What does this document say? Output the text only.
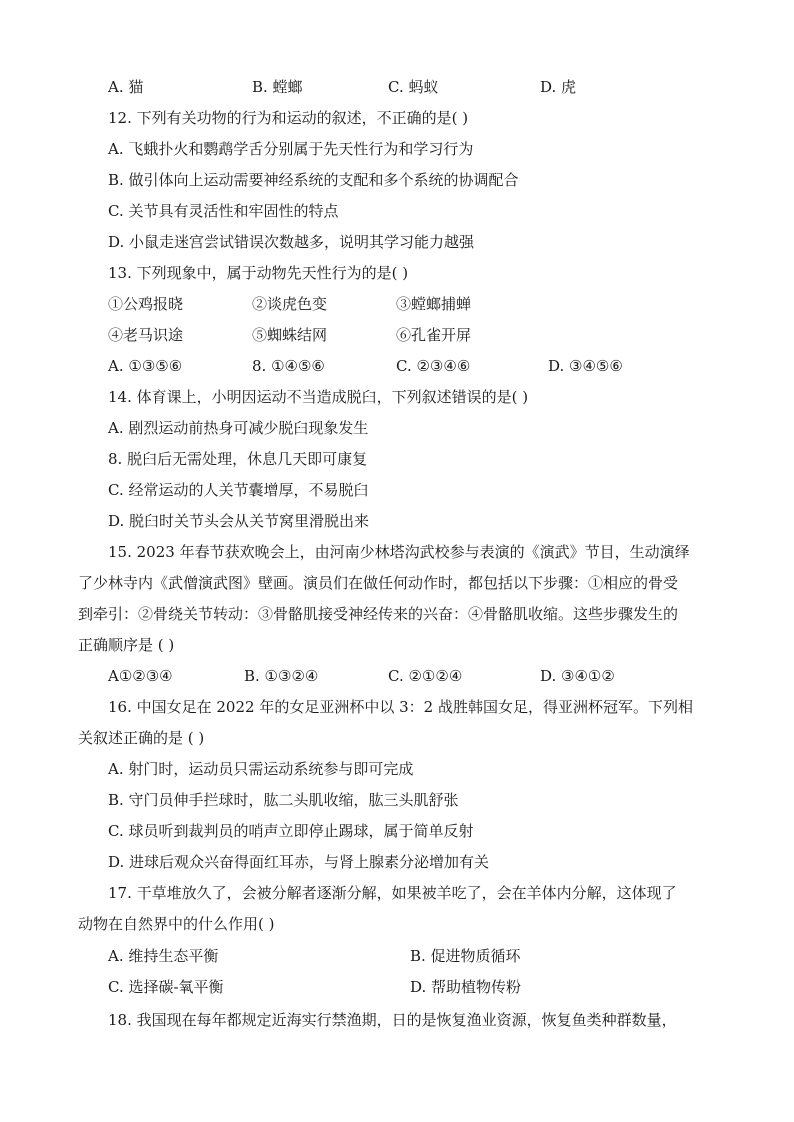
A. 猫	B. 螳螂	C. 蚂蚁	D. 虎
12. 下列有关功物的行为和运动的叙述，不正确的是( )
A. 飞蛾扑火和鹦鹉学舌分别属于先天性行为和学习行为
B. 做引体向上运动需要神经系统的支配和多个系统的协调配合
C. 关节具有灵活性和牢固性的特点
D. 小鼠走迷宫尝试错误次数越多，说明其学习能力越强
13. 下列现象中，属于动物先天性行为的是( )
①公鸡报晓	②谈虎色变	③螳螂捕蝉
④老马识途	⑤蜘蛛结网	⑥孔雀开屏
A. ①③⑤⑥	8. ①④⑤⑥	C. ②③④⑥	D. ③④⑤⑥
14. 体育课上，小明因运动不当造成脱臼，下列叙述错误的是( )
A. 剧烈运动前热身可减少脱臼现象发生
8. 脱臼后无需处理，休息几天即可康复
C. 经常运动的人关节囊增厚，不易脱臼
D. 脱臼时关节头会从关节窝里滑脱出来
15. 2023 年春节获欢晚会上，由河南少林塔沟武校参与表演的《演武》节目，生动演绎
了少林寺内《武僧演武图》壁画。演员们在做任何动作时，都包括以下步骤：①相应的骨受
到牵引：②骨绕关节转动：③骨骼肌接受神经传来的兴奋：④骨骼肌收缩。这些步骤发生的
正确顺序是 ( )
A①②③④	B. ①③②④	C. ②①②④	D. ③④①②
16. 中国女足在 2022 年的女足亚洲杯中以 3：2 战胜韩国女足，得亚洲杯冠军。下列相
关叙述正确的是 ( )
A. 射门时，运动员只需运动系统参与即可完成
B. 守门员伸手拦球时，肱二头肌收缩，肱三头肌舒张
C. 球员听到裁判员的哨声立即停止踢球，属于简单反射
D. 进球后观众兴奋得面红耳赤，与肾上腺素分泌增加有关
17. 干草堆放久了，会被分解者逐渐分解，如果被羊吃了，会在羊体内分解，这体现了
动物在自然界中的什么作用( )
A. 维持生态平衡	B. 促进物质循环
C. 选择碳-氧平衡	D. 帮助植物传粉
18. 我国现在每年都规定近海实行禁渔期，日的是恢复渔业资源，恢复鱼类种群数量，
